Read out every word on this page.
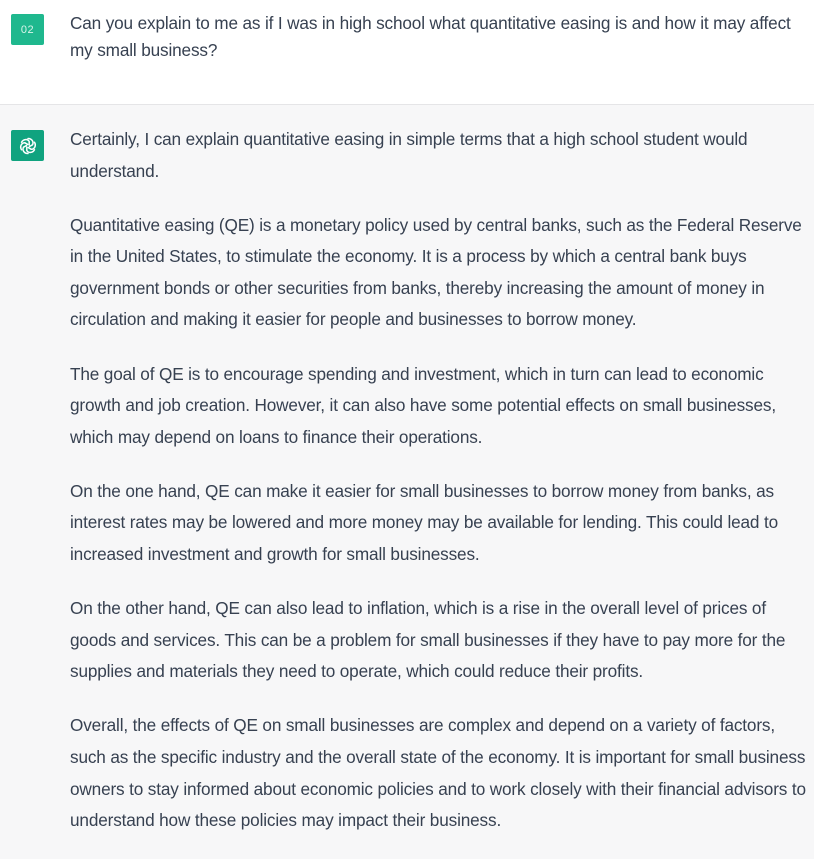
02 Can you explain to me as if I was in high school what quantitative easing is and how it may affect my small business?

Certainly, I can explain quantitative easing in simple terms that a high school student would understand.

Quantitative easing (QE) is a monetary policy used by central banks, such as the Federal Reserve in the United States, to stimulate the economy. It is a process by which a central bank buys government bonds or other securities from banks, thereby increasing the amount of money in circulation and making it easier for people and businesses to borrow money.

The goal of QE is to encourage spending and investment, which in turn can lead to economic growth and job creation. However, it can also have some potential effects on small businesses, which may depend on loans to finance their operations.

On the one hand, QE can make it easier for small businesses to borrow money from banks, as interest rates may be lowered and more money may be available for lending. This could lead to increased investment and growth for small businesses.

On the other hand, QE can also lead to inflation, which is a rise in the overall level of prices of goods and services. This can be a problem for small businesses if they have to pay more for the supplies and materials they need to operate, which could reduce their profits.

Overall, the effects of QE on small businesses are complex and depend on a variety of factors, such as the specific industry and the overall state of the economy. It is important for small business owners to stay informed about economic policies and to work closely with their financial advisors to understand how these policies may impact their business.
